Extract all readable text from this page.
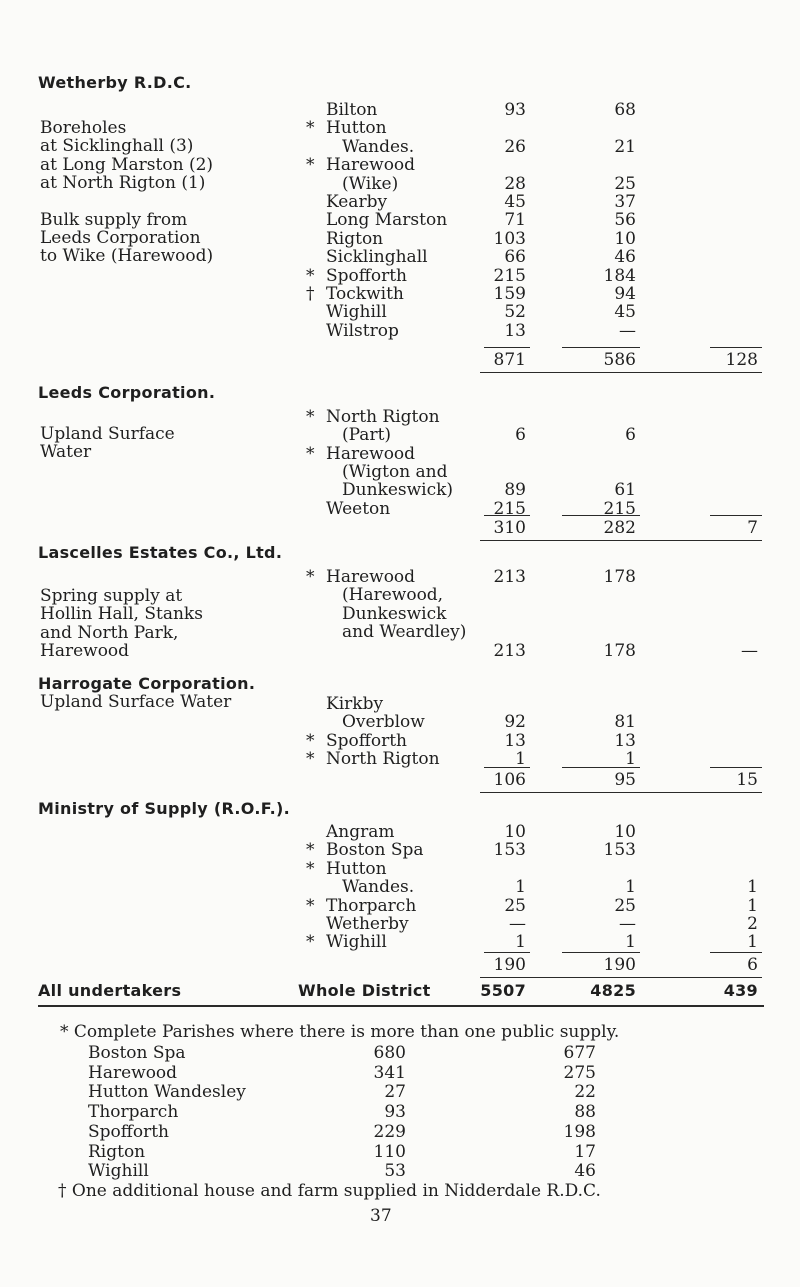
Wetherby R.D.C.
Boreholes
at Sicklinghall (3)
at Long Marston (2)
at North Rigton (1)
Bulk supply from
Leeds Corporation
to Wike (Harewood)
Bilton	93	68
* Hutton
Wandes.	26	21
* Harewood
(Wike)	28	25
Kearby	45	37
Long Marston	71	56
Rigton	103	10
Sicklinghall	66	46
* Spofforth	215	184
† Tockwith	159	94
Wighill	52	45
Wilstrop	13	—
871	586	128
Leeds Corporation.
Upland Surface
Water
* North Rigton
(Part)	6	6
* Harewood
(Wigton and
Dunkeswick)	89	61
Weeton	215	215
310	282	7
Lascelles Estates Co., Ltd.
Spring supply at
Hollin Hall, Stanks
and North Park,
Harewood
* Harewood	213	178
(Harewood,
Dunkeswick
and Weardley)
213	178	—
Harrogate Corporation.
Upland Surface Water	Kirkby
Overblow	92	81
* Spofforth	13	13
* North Rigton	1	1
106	95	15
Ministry of Supply (R.O.F.).
Angram	10	10
* Boston Spa	153	153
* Hutton
Wandes.	1	1	1
* Thorparch	25	25	1
Wetherby	—	—	2
* Wighill	1	1	1
190	190	6
All undertakers	Whole District	5507	4825	439
* Complete Parishes where there is more than one public supply.
Boston Spa	680	677
Harewood	341	275
Hutton Wandesley	27	22
Thorparch	93	88
Spofforth	229	198
Rigton	110	17
Wighill	53	46
† One additional house and farm supplied in Nidderdale R.D.C.
37
